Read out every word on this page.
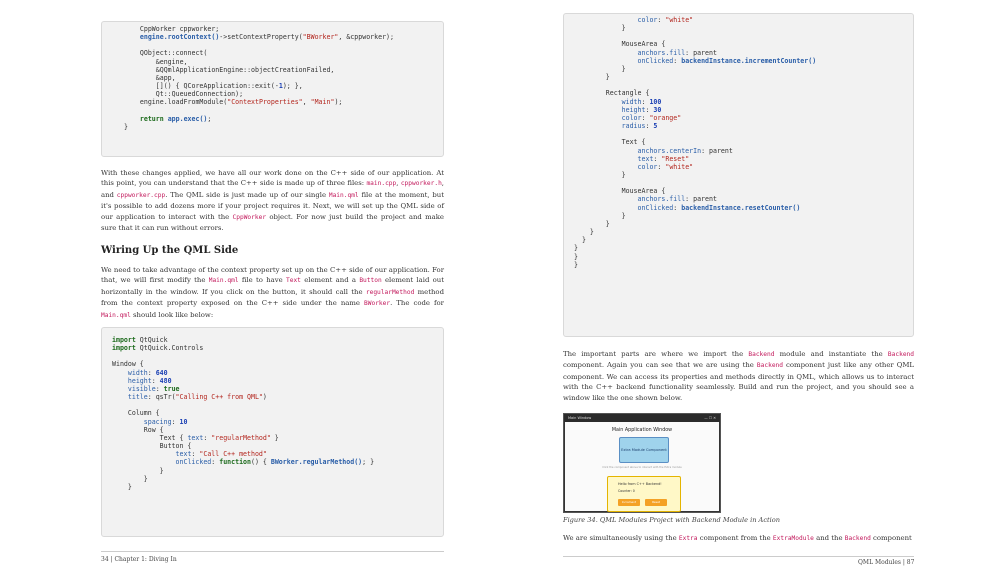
CppWorker cppworker;
engine.rootContext()->setContextProperty("BWorker", &cppworker);

QObject::connect(
&engine,
&QQmlApplicationEngine::objectCreationFailed,
&app,
[]() { QCoreApplication::exit(-1); },
Qt::QueuedConnection);
engine.loadFromModule("ContextProperties", "Main");

return app.exec();
}
With these changes applied, we have all our work done on the C++ side of our application. At this point, you can understand that the C++ side is made up of three files: main.cpp, cppworker.h, and cppworker.cpp. The QML side is just made up of our single Main.qml file at the moment, but it's possible to add dozens more if your project requires it. Next, we will set up the QML side of our application to interact with the CppWorker object. For now just build the project and make sure that it can run without errors.
Wiring Up the QML Side
We need to take advantage of the context property set up on the C++ side of our application. For that, we will first modify the Main.qml file to have Text element and a Button element laid out horizontally in the window. If you click on the button, it should call the regularMethod method from the context property exposed on the C++ side under the name BWorker. The code for Main.qml should look like below:
import QtQuick
import QtQuick.Controls

Window {
width: 640
height: 480
visible: true
title: qsTr("Calling C++ from QML")

Column {
spacing: 10
Row {
Text { text: "regularMethod" }
Button {
text: "Call C++ method"
onClicked: function() { BWorker.regularMethod(); }
}
}
}
34 | Chapter 1: Diving In
color: "white"
}

MouseArea {
anchors.fill: parent
onClicked: backendInstance.incrementCounter()
}
}

Rectangle {
width: 100
height: 30
color: "orange"
radius: 5

Text {
anchors.centerIn: parent
text: "Reset"
color: "white"
}

MouseArea {
anchors.fill: parent
onClicked: backendInstance.resetCounter()
}
}
}
}
}
}
}
The important parts are where we import the Backend module and instantiate the Backend component. Again you can see that we are using the Backend component just like any other QML component. We can access its properties and methods directly in QML, which allows us to interact with the C++ backend functionality seamlessly. Build and run the project, and you should see a window like the one shown below.
Main Window	— ☐ ✕
Main Application Window
Extra Module Component
Click the component above to interact with the Extra module
Hello from C++ Backend!
Counter: 0
Increment	Reset
Figure 34. QML Modules Project with Backend Module in Action
We are simultaneously using the Extra component from the ExtraModule and the Backend component
QML Modules | 87
